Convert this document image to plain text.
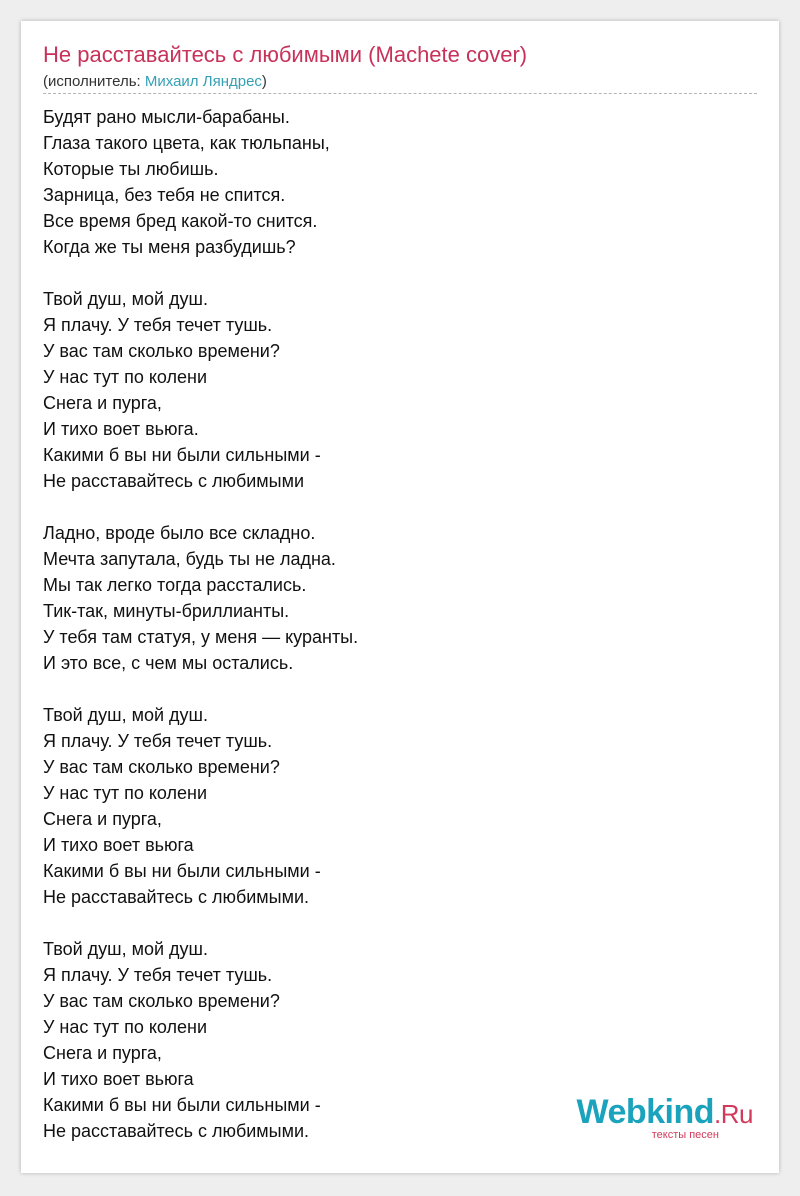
Не расставайтесь с любимыми (Machete cover)
(исполнитель: Михаил Ляндрес)
Будят рано мысли-барабаны.
Глаза такого цвета, как тюльпаны,
Которые ты любишь.
Зарница, без тебя не спится.
Все время бред какой-то снится.
Когда же ты меня разбудишь?
Твой душ, мой душ.
Я плачу. У тебя течет тушь.
У вас там сколько времени?
У нас тут по колени
Снега и пурга,
И тихо воет вьюга.
Какими б вы ни были сильными -
Не расставайтесь с любимыми
Ладно, вроде было все складно.
Мечта запутала, будь ты не ладна.
Мы так легко тогда расстались.
Тик-так, минуты-бриллианты.
У тебя там статуя, у меня — куранты.
И это все, с чем мы остались.
Твой душ, мой душ.
Я плачу. У тебя течет тушь.
У вас там сколько времени?
У нас тут по колени
Снега и пурга,
И тихо воет вьюга
Какими б вы ни были сильными -
Не расставайтесь с любимыми.
Твой душ, мой душ.
Я плачу. У тебя течет тушь.
У вас там сколько времени?
У нас тут по колени
Снега и пурга,
И тихо воет вьюга
Какими б вы ни были сильными -
Не расставайтесь с любимыми.	Webkind.Ru
тексты песен
